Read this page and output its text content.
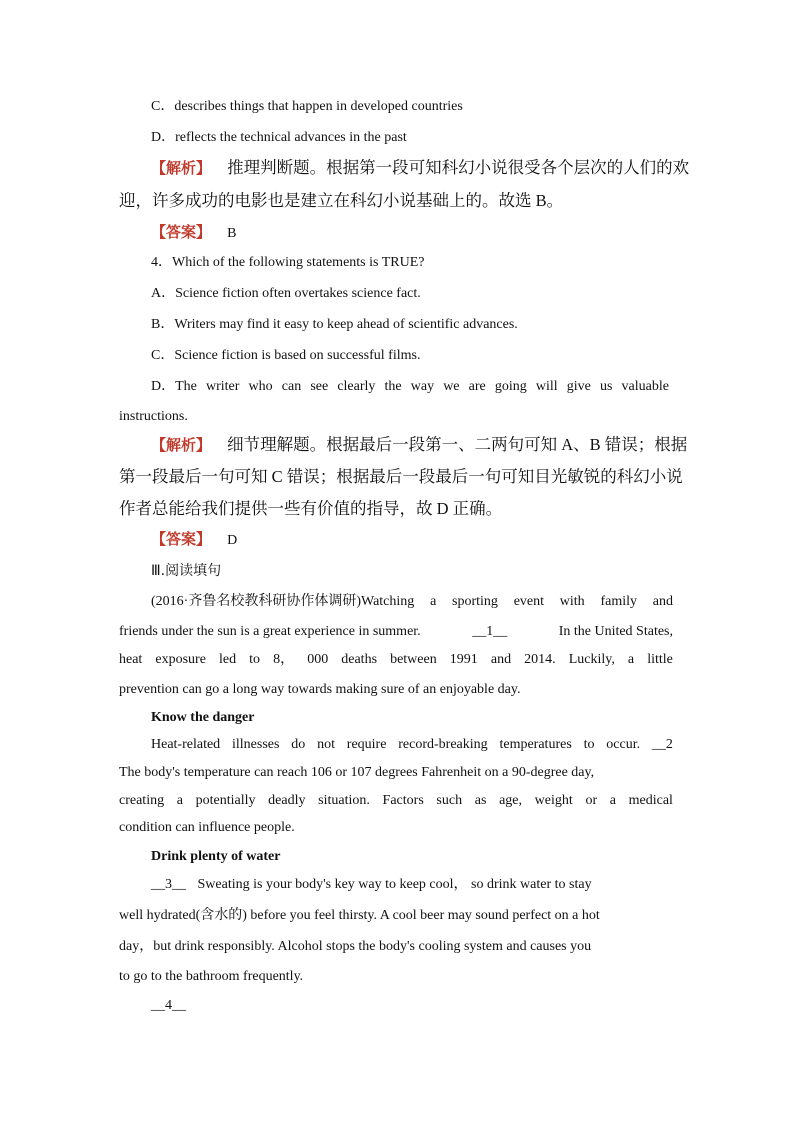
C．describes things that happen in developed countries
D．reflects the technical advances in the past
【解析】 推理判断题。根据第一段可知科幻小说很受各个层次的人们的欢
迎，许多成功的电影也是建立在科幻小说基础上的。故选 B。
【答案】 B
4．Which of the following statements is TRUE?
A．Science fiction often overtakes science fact.
B．Writers may find it easy to keep ahead of scientific advances.
C．Science fiction is based on successful films.
D．The writer who can see clearly the way we are going will give us valuable
instructions.
【解析】 细节理解题。根据最后一段第一、二两句可知 A、B 错误；根据
第一段最后一句可知 C 错误；根据最后一段最后一句可知目光敏锐的科幻小说
作者总能给我们提供一些有价值的指导，故 D 正确。
【答案】 D
Ⅲ.阅读填句
(2016·齐鲁名校教科研协作体调研)Watching a sporting event with family and
friends under the sun is a great experience in summer.	__1__	In the United States,
heat exposure led to 8， 000 deaths between 1991 and 2014. Luckily, a little
prevention can go a long way towards making sure of an enjoyable day.
Know the danger
Heat-related illnesses do not require record-breaking temperatures to occur. __2
The body's temperature can reach 106 or 107 degrees Fahrenheit on a 90-degree day,
creating a potentially deadly situation. Factors such as age, weight or a medical
condition can influence people.
Drink plenty of water
__3__ Sweating is your body's key way to keep cool， so drink water to stay
well hydrated(含水的) before you feel thirsty. A cool beer may sound perfect on a hot
day，but drink responsibly. Alcohol stops the body's cooling system and causes you
to go to the bathroom frequently.
__4__
